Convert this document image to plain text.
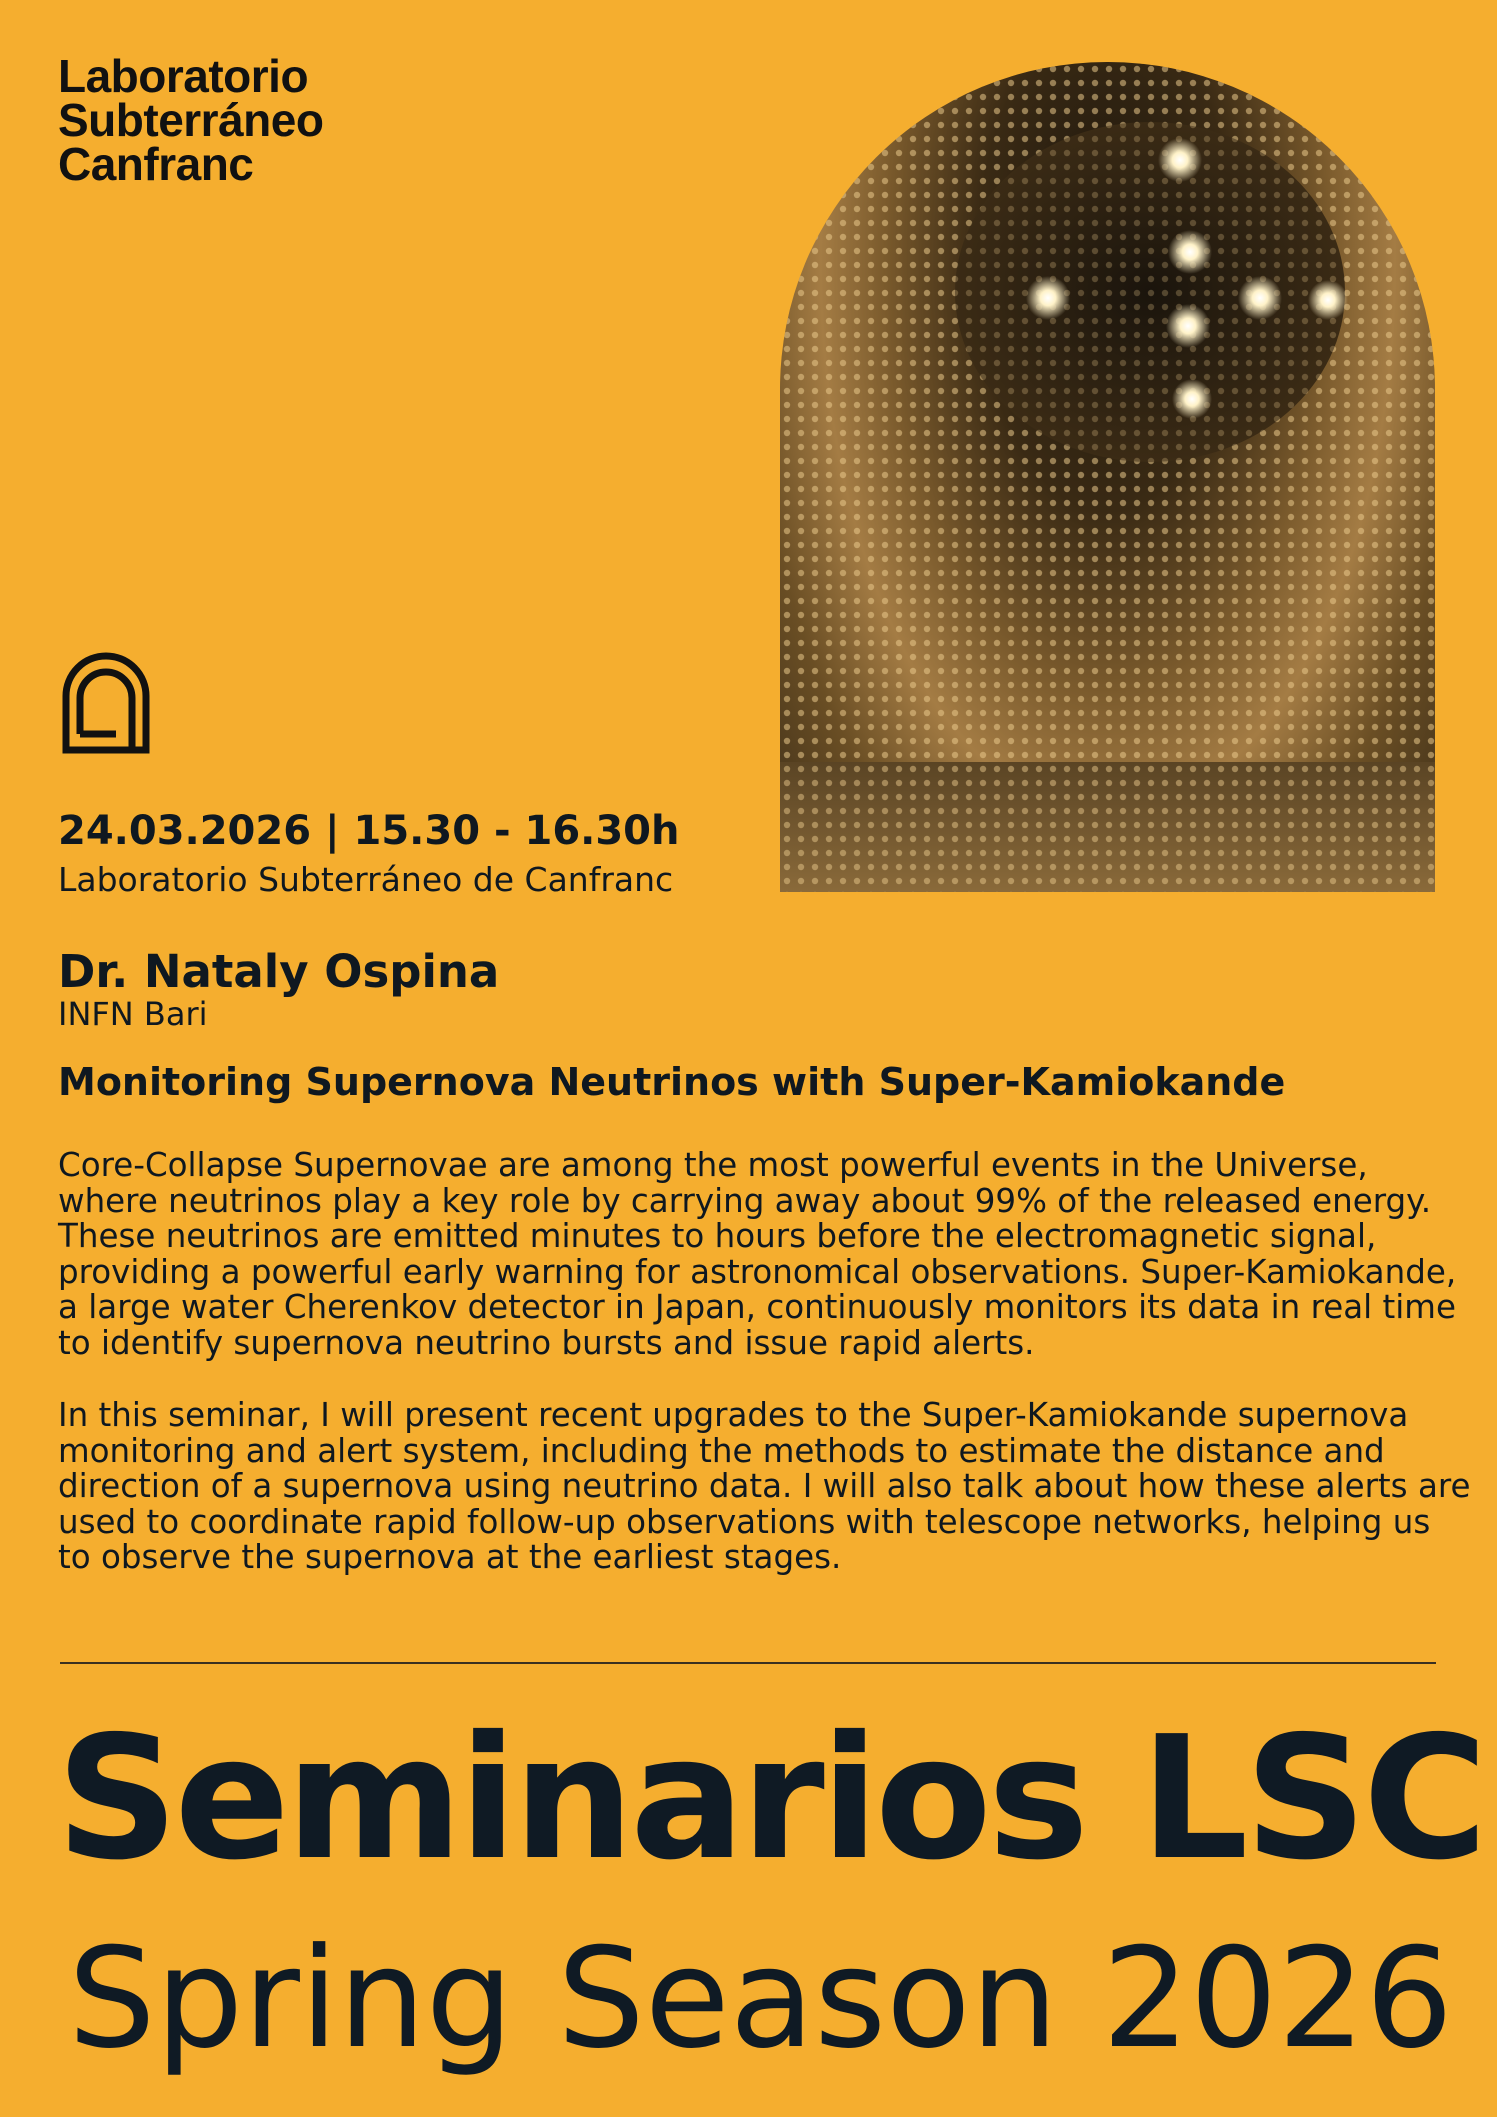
Laboratorio
Subterráneo
Canfranc
24.03.2026 | 15.30 - 16.30h
Laboratorio Subterráneo de Canfranc
Dr. Nataly Ospina
INFN Bari
Monitoring Supernova Neutrinos with Super-Kamiokande
Core-Collapse Supernovae are among the most powerful events in the Universe,
where neutrinos play a key role by carrying away about 99% of the released energy.
These neutrinos are emitted minutes to hours before the electromagnetic signal,
providing a powerful early warning for astronomical observations. Super-Kamiokande,
a large water Cherenkov detector in Japan, continuously monitors its data in real time
to identify supernova neutrino bursts and issue rapid alerts.
In this seminar, I will present recent upgrades to the Super-Kamiokande supernova
monitoring and alert system, including the methods to estimate the distance and
direction of a supernova using neutrino data. I will also talk about how these alerts are
used to coordinate rapid follow-up observations with telescope networks, helping us
to observe the supernova at the earliest stages.
Seminarios LSC
Spring Season 2026
